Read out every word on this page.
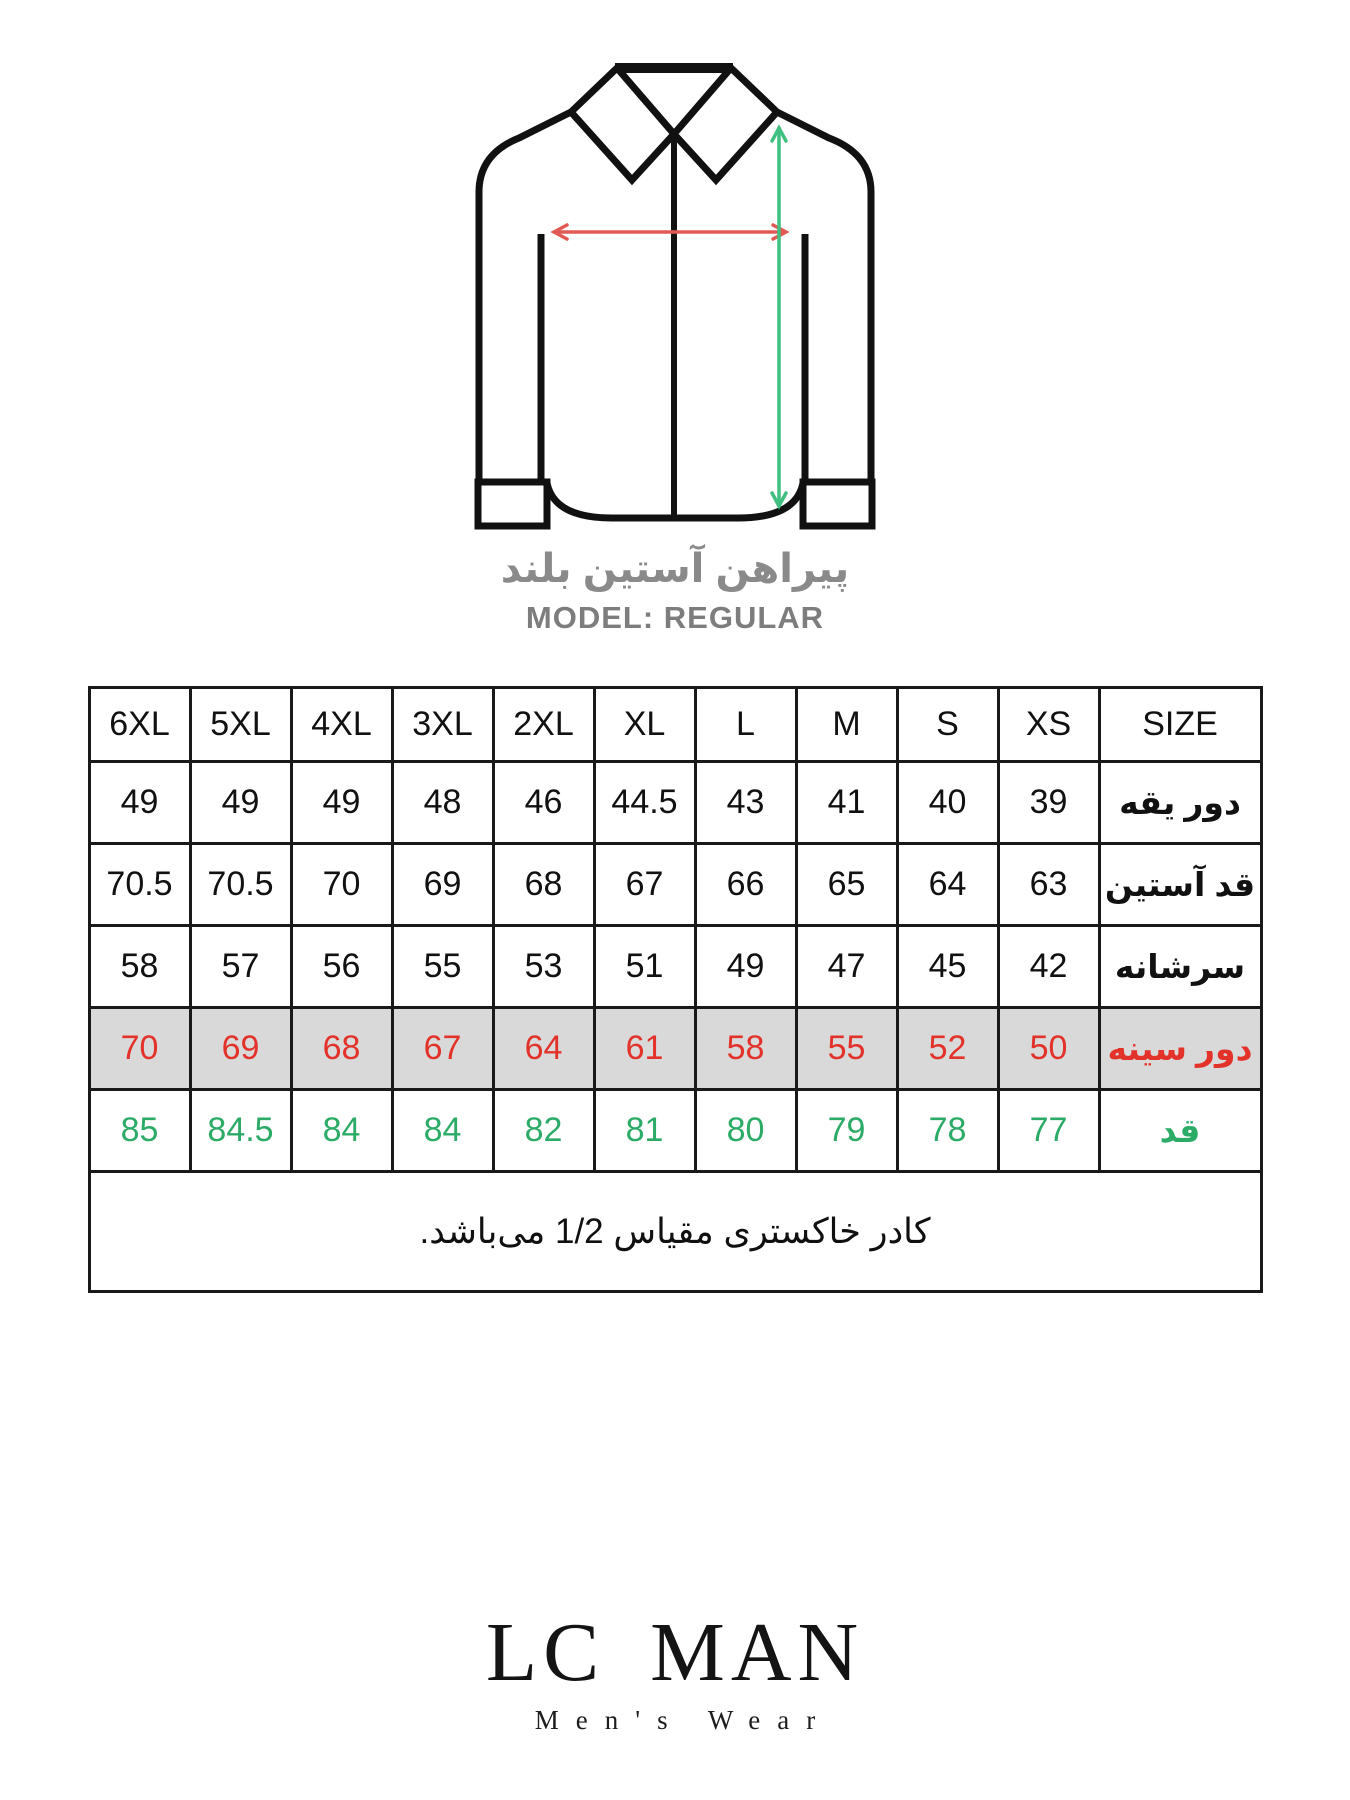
پیراهن آستین بلند
MODEL: REGULAR
6XL	5XL	4XL	3XL	2XL	XL	L	M	S	XS	SIZE
49	49	49	48	46	44.5	43	41	40	39	دور یقه
70.5	70.5	70	69	68	67	66	65	64	63	قد آستین
58	57	56	55	53	51	49	47	45	42	سرشانه
70	69	68	67	64	61	58	55	52	50	دور سینه
85	84.5	84	84	82	81	80	79	78	77	قد
کادر خاکستری مقیاس 1/2 می‌باشد.										
LC MAN
Men's Wear
